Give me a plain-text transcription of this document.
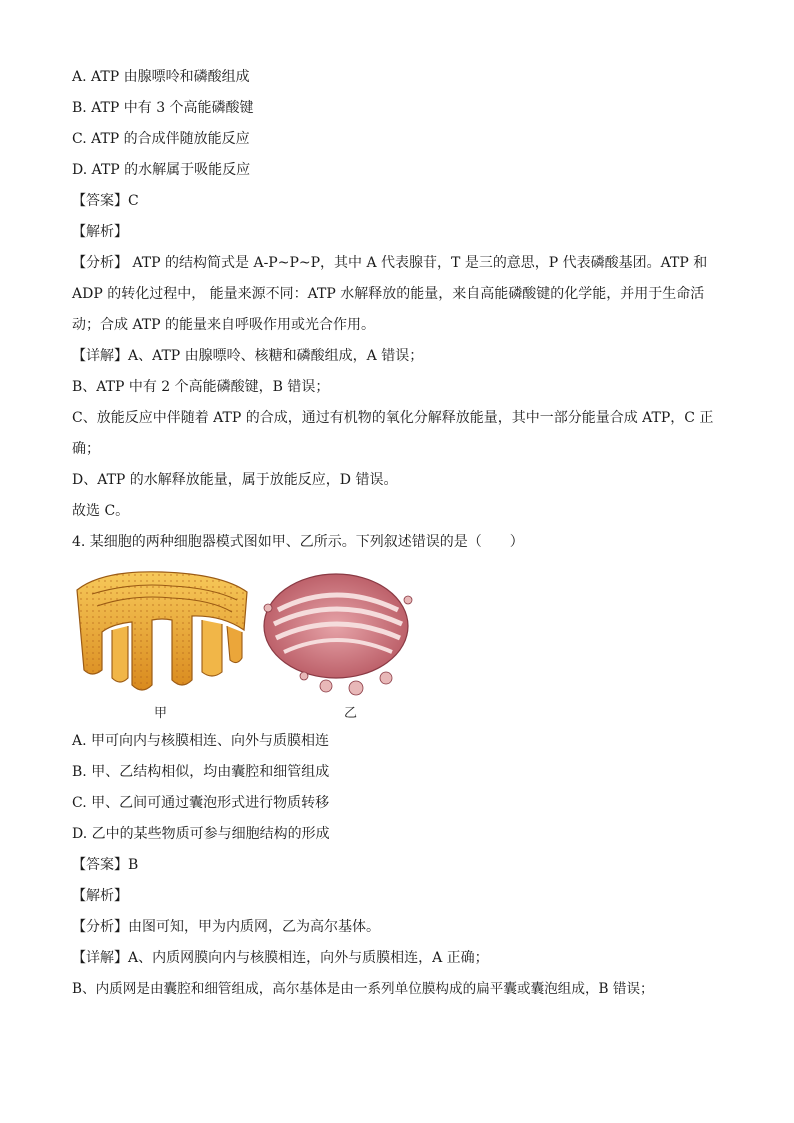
A. ATP 由腺嘌呤和磷酸组成
B. ATP 中有 3 个高能磷酸键
C. ATP 的合成伴随放能反应
D. ATP 的水解属于吸能反应
【答案】C
【解析】
【分析】 ATP 的结构简式是 A-P~P~P，其中 A 代表腺苷，T 是三的意思，P 代表磷酸基团。ATP 和 ADP 的转化过程中， 能量来源不同：ATP 水解释放的能量，来自高能磷酸键的化学能，并用于生命活动；合成 ATP 的能量来自呼吸作用或光合作用。
【详解】A、ATP 由腺嘌呤、核糖和磷酸组成，A 错误；
B、ATP 中有 2 个高能磷酸键，B 错误；
C、放能反应中伴随着 ATP 的合成，通过有机物的氧化分解释放能量，其中一部分能量合成 ATP，C 正确；
D、ATP 的水解释放能量，属于放能反应，D 错误。
故选 C。
4. 某细胞的两种细胞器模式图如甲、乙所示。下列叙述错误的是（　　）
甲	乙
A. 甲可向内与核膜相连、向外与质膜相连
B. 甲、乙结构相似，均由囊腔和细管组成
C. 甲、乙间可通过囊泡形式进行物质转移
D. 乙中的某些物质可参与细胞结构的形成
【答案】B
【解析】
【分析】由图可知，甲为内质网，乙为高尔基体。
【详解】A、内质网膜向内与核膜相连，向外与质膜相连，A 正确；
B、内质网是由囊腔和细管组成，高尔基体是由一系列单位膜构成的扁平囊或囊泡组成，B 错误；
